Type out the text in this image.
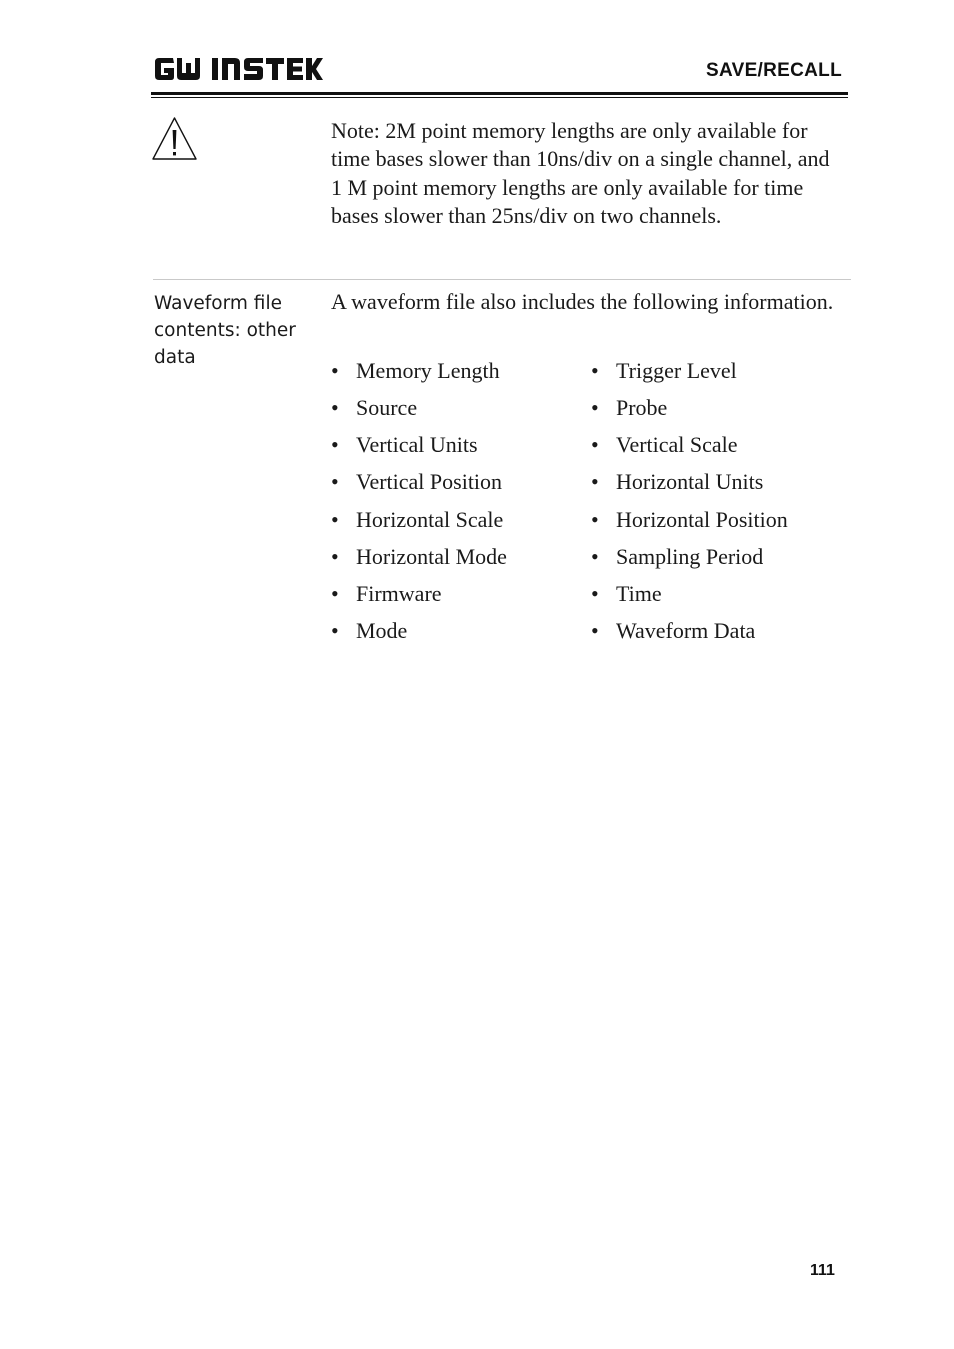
SAVE/RECALL
Note: 2M point memory lengths are only available for time bases slower than 10ns/div on a single channel, and 1 M point memory lengths are only available for time bases slower than 25ns/div on two channels.
Waveform file contents: other data
A waveform file also includes the following information.
• Memory Length
• Source
• Vertical Units
• Vertical Position
• Horizontal Scale
• Horizontal Mode
• Firmware
• Mode
• Trigger Level
• Probe
• Vertical Scale
• Horizontal Units
• Horizontal Position
• Sampling Period
• Time
• Waveform Data
111
